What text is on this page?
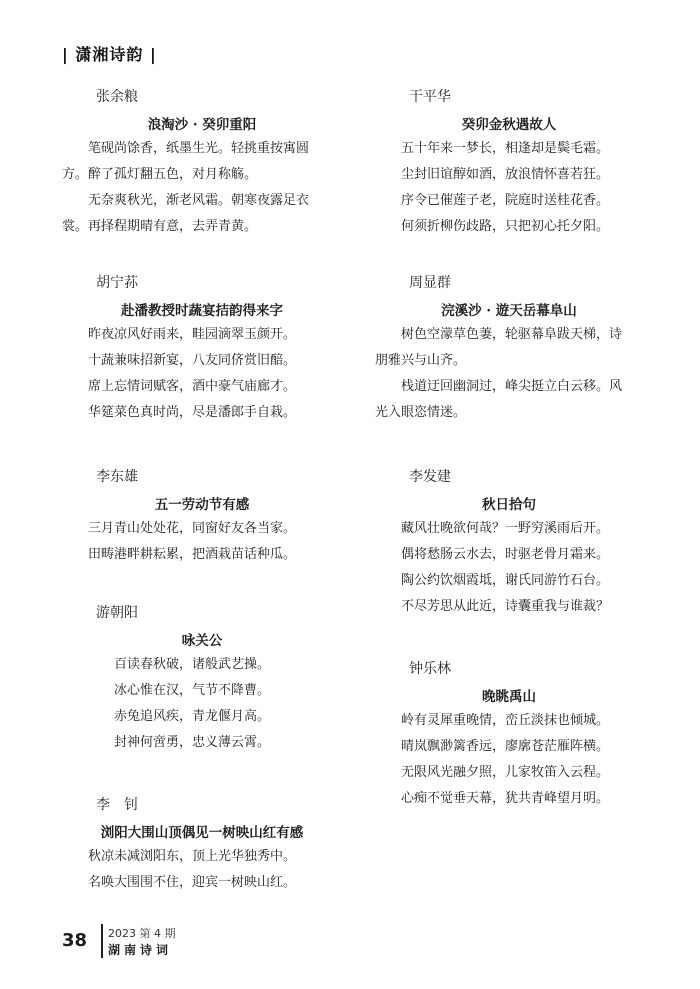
| 潇湘诗韵 |
张余粮
浪淘沙 · 癸卯重阳
笔砚尚馀香，纸墨生光。轻挑重按寓圆
方。醉了孤灯翻五色，对月称觞。
无奈爽秋光，渐老风霜。朝寒夜露足衣
裳。再择程期晴有意，去弄青黄。
胡宁荪
赴潘教授时蔬宴拮韵得来字
昨夜凉风好雨来，畦园滴翠玉颜开。
十蔬兼味招新宴，八友同侪赏旧醅。
席上忘情词赋客，酒中豪气庙廊才。
华筵菜色真时尚，尽是潘郎手自栽。
李东雄
五一劳动节有感
三月青山处处花，同窗好友各当家。
田畴港畔耕耘累，把酒栽苗话种瓜。
游朝阳
咏关公
百读春秋破，诸般武艺操。
冰心惟在汉，气节不降曹。
赤兔追风疾，青龙偃月高。
封神何啻勇，忠义薄云霄。
李　钊
浏阳大围山顶偶见一树映山红有感
秋凉未减浏阳东，顶上光华独秀中。
名唤大围围不住，迎宾一树映山红。
干平华
癸卯金秋遇故人
五十年来一梦长，相逢却是鬓毛霜。
尘封旧谊醇如酒，放浪情怀喜若狂。
序令已催莲子老，院庭时送桂花香。
何须折柳伤歧路，只把初心托夕阳。
周显群
浣溪沙 · 遊天岳幕阜山
树色空濛草色萋，轮驱幕阜跋天梯，诗
朋雅兴与山齐。
栈道迂回幽洞过，峰尖挺立白云移。风
光入眼恣情迷。
李发建
秋日拾句
藏风壮晚欲何哉？一野穷溪雨后开。
偶将愁肠云水去，时驱老骨月霜来。
陶公约饮烟霞坻，谢氏同游竹石台。
不尽芳思从此近，诗囊重我与谁裁？
钟乐林
晚眺禹山
岭有灵犀重晚情，峦丘淡抹也倾城。
晴岚飘渺篱香远，廖廓苍茫雁阵横。
无限风光融夕照，儿家牧笛入云程。
心痴不觉垂天幕，犹共青峰望月明。
38 2023 第 4 期
湖南诗词
